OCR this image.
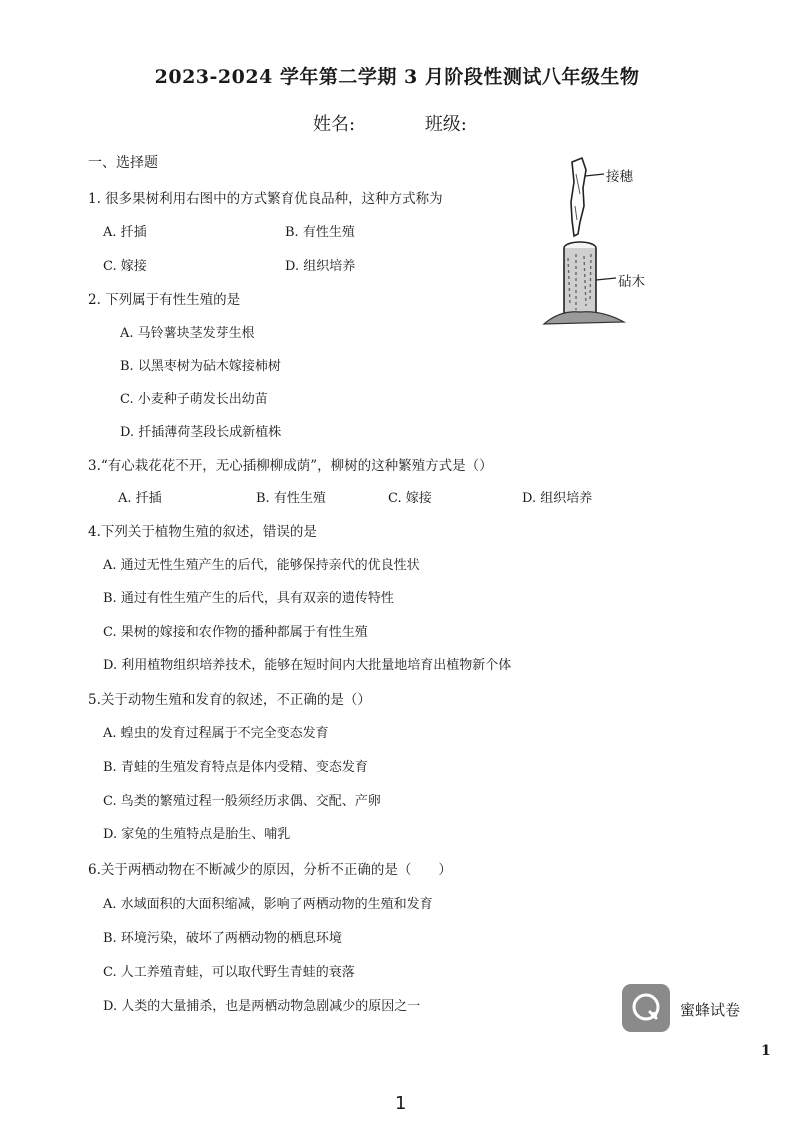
2023-2024 学年第二学期 3 月阶段性测试八年级生物
姓名:	班级:
一、选择题
接穗
砧木
1. 很多果树利用右图中的方式繁育优良品种，这种方式称为
A. 扦插	B. 有性生殖
C. 嫁接	D. 组织培养
2. 下列属于有性生殖的是
A. 马铃薯块茎发芽生根
B. 以黑枣树为砧木嫁接柿树
C. 小麦种子萌发长出幼苗
D. 扦插薄荷茎段长成新植株
3.“有心栽花花不开，无心插柳柳成荫”，柳树的这种繁殖方式是（）
A. 扦插	B. 有性生殖	C. 嫁接	D. 组织培养
4.下列关于植物生殖的叙述，错误的是
A. 通过无性生殖产生的后代，能够保持亲代的优良性状
B. 通过有性生殖产生的后代，具有双亲的遗传特性
C. 果树的嫁接和农作物的播种都属于有性生殖
D. 利用植物组织培养技术，能够在短时间内大批量地培育出植物新个体
5.关于动物生殖和发育的叙述，不正确的是（）
A. 蝗虫的发育过程属于不完全变态发育
B. 青蛙的生殖发育特点是体内受精、变态发育
C. 鸟类的繁殖过程一般须经历求偶、交配、产卵
D. 家兔的生殖特点是胎生、哺乳
6.关于两栖动物在不断减少的原因，分析不正确的是（　　）
A. 水域面积的大面积缩减，影响了两栖动物的生殖和发育
B. 环境污染，破坏了两栖动物的栖息环境
C. 人工养殖青蛙，可以取代野生青蛙的衰落
D. 人类的大量捕杀，也是两栖动物急剧减少的原因之一	蜜蜂试卷
1
1
